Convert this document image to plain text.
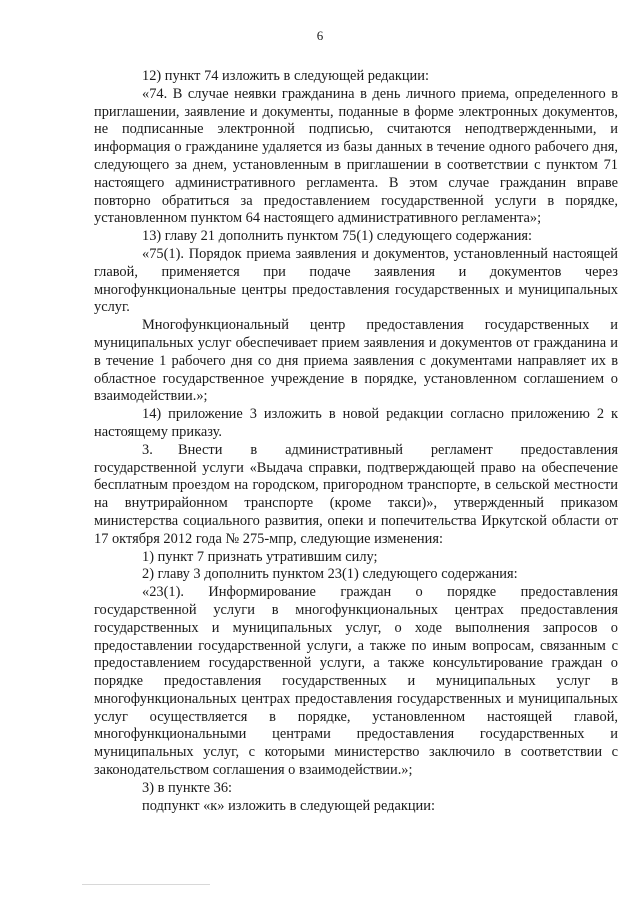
6

12) пункт 74 изложить в следующей редакции:

«74. В случае неявки гражданина в день личного приема, определенного в приглашении, заявление и документы, поданные в форме электронных документов, не подписанные электронной подписью, считаются неподтвержденными, и информация о гражданине удаляется из базы данных в течение одного рабочего дня, следующего за днем, установленным в приглашении в соответствии с пунктом 71 настоящего административного регламента. В этом случае гражданин вправе повторно обратиться за предоставлением государственной услуги в порядке, установленном пунктом 64 настоящего административного регламента»;

13) главу 21 дополнить пунктом 75(1) следующего содержания:

«75(1). Порядок приема заявления и документов, установленный настоящей главой, применяется при подаче заявления и документов через многофункциональные центры предоставления государственных и муниципальных услуг.

Многофункциональный центр предоставления государственных и муниципальных услуг обеспечивает прием заявления и документов от гражданина и в течение 1 рабочего дня со дня приема заявления с документами направляет их в областное государственное учреждение в порядке, установленном соглашением о взаимодействии.»;

14) приложение 3 изложить в новой редакции согласно приложению 2 к настоящему приказу.

3. Внести в административный регламент предоставления государственной услуги «Выдача справки, подтверждающей право на обеспечение бесплатным проездом на городском, пригородном транспорте, в сельской местности на внутрирайонном транспорте (кроме такси)», утвержденный приказом министерства социального развития, опеки и попечительства Иркутской области от 17 октября 2012 года № 275-мпр, следующие изменения:

1) пункт 7 признать утратившим силу;

2) главу 3 дополнить пунктом 23(1) следующего содержания:

«23(1). Информирование граждан о порядке предоставления государственной услуги в многофункциональных центрах предоставления государственных и муниципальных услуг, о ходе выполнения запросов о предоставлении государственной услуги, а также по иным вопросам, связанным с предоставлением государственной услуги, а также консультирование граждан о порядке предоставления государственных и муниципальных услуг в многофункциональных центрах предоставления государственных и муниципальных услуг осуществляется в порядке, установленном настоящей главой, многофункциональными центрами предоставления государственных и муниципальных услуг, с которыми министерство заключило в соответствии с законодательством соглашения о взаимодействии.»;

3) в пункте 36:

подпункт «к» изложить в следующей редакции:
